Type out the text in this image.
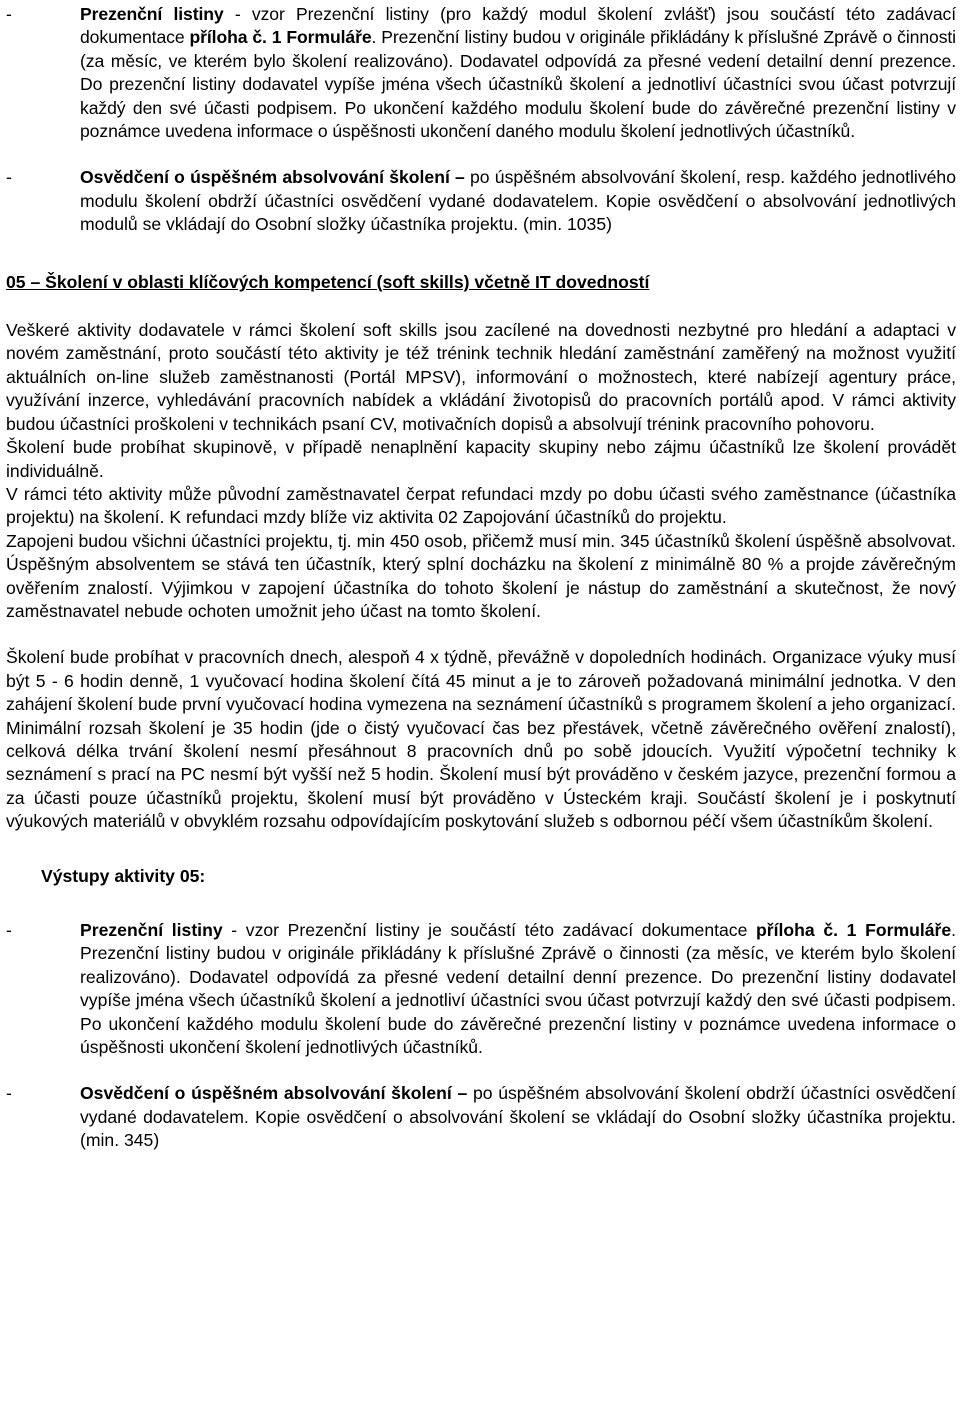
-	Prezenční listiny - vzor Prezenční listiny (pro každý modul školení zvlášť) jsou součástí této zadávací dokumentace příloha č. 1 Formuláře. Prezenční listiny budou v originále přikládány k příslušné Zprávě o činnosti (za měsíc, ve kterém bylo školení realizováno). Dodavatel odpovídá za přesné vedení detailní denní prezence. Do prezenční listiny dodavatel vypíše jména všech účastníků školení a jednotliví účastníci svou účast potvrzují každý den své účasti podpisem. Po ukončení každého modulu školení bude do závěrečné prezenční listiny v poznámce uvedena informace o úspěšnosti ukončení daného modulu školení jednotlivých účastníků.
-	Osvědčení o úspěšném absolvování školení – po úspěšném absolvování školení, resp. každého jednotlivého modulu školení obdrží účastníci osvědčení vydané dodavatelem. Kopie osvědčení o absolvování jednotlivých modulů se vkládají do Osobní složky účastníka projektu. (min. 1035)

05 – Školení v oblasti klíčových kompetencí (soft skills) včetně IT dovedností

Veškeré aktivity dodavatele v rámci školení soft skills jsou zacílené na dovednosti nezbytné pro hledání a adaptaci v novém zaměstnání, proto součástí této aktivity je též trénink technik hledání zaměstnání zaměřený na možnost využití aktuálních on-line služeb zaměstnanosti (Portál MPSV), informování o možnostech, které nabízejí agentury práce, využívání inzerce, vyhledávání pracovních nabídek a vkládání životopisů do pracovních portálů apod. V rámci aktivity budou účastníci proškoleni v technikách psaní CV, motivačních dopisů a absolvují trénink pracovního pohovoru.

Školení bude probíhat skupinově, v případě nenaplnění kapacity skupiny nebo zájmu účastníků lze školení provádět individuálně.

V rámci této aktivity může původní zaměstnavatel čerpat refundaci mzdy po dobu účasti svého zaměstnance (účastníka projektu) na školení. K refundaci mzdy blíže viz aktivita 02 Zapojování účastníků do projektu.

Zapojeni budou všichni účastníci projektu, tj. min 450 osob, přičemž musí min. 345 účastníků školení úspěšně absolvovat. Úspěšným absolventem se stává ten účastník, který splní docházku na školení z minimálně 80 % a projde závěrečným ověřením znalostí. Výjimkou v zapojení účastníka do tohoto školení je nástup do zaměstnání a skutečnost, že nový zaměstnavatel nebude ochoten umožnit jeho účast na tomto školení.

Školení bude probíhat v pracovních dnech, alespoň 4 x týdně, převážně v dopoledních hodinách. Organizace výuky musí být 5 - 6 hodin denně, 1 vyučovací hodina školení čítá 45 minut a je to zároveň požadovaná minimální jednotka. V den zahájení školení bude první vyučovací hodina vymezena na seznámení účastníků s programem školení a jeho organizací. Minimální rozsah školení je 35 hodin (jde o čistý vyučovací čas bez přestávek, včetně závěrečného ověření znalostí), celková délka trvání školení nesmí přesáhnout 8 pracovních dnů po sobě jdoucích. Využití výpočetní techniky k seznámení s prací na PC nesmí být vyšší než 5 hodin. Školení musí být prováděno v českém jazyce, prezenční formou a za účasti pouze účastníků projektu, školení musí být prováděno v Ústeckém kraji. Součástí školení je i poskytnutí výukových materiálů v obvyklém rozsahu odpovídajícím poskytování služeb s odbornou péčí všem účastníkům školení.

Výstupy aktivity 05:

-	Prezenční listiny - vzor Prezenční listiny je součástí této zadávací dokumentace příloha č. 1 Formuláře. Prezenční listiny budou v originále přikládány k příslušné Zprávě o činnosti (za měsíc, ve kterém bylo školení realizováno). Dodavatel odpovídá za přesné vedení detailní denní prezence. Do prezenční listiny dodavatel vypíše jména všech účastníků školení a jednotliví účastníci svou účast potvrzují každý den své účasti podpisem. Po ukončení každého modulu školení bude do závěrečné prezenční listiny v poznámce uvedena informace o úspěšnosti ukončení školení jednotlivých účastníků.
-	Osvědčení o úspěšném absolvování školení – po úspěšném absolvování školení obdrží účastníci osvědčení vydané dodavatelem. Kopie osvědčení o absolvování školení se vkládají do Osobní složky účastníka projektu. (min. 345)
